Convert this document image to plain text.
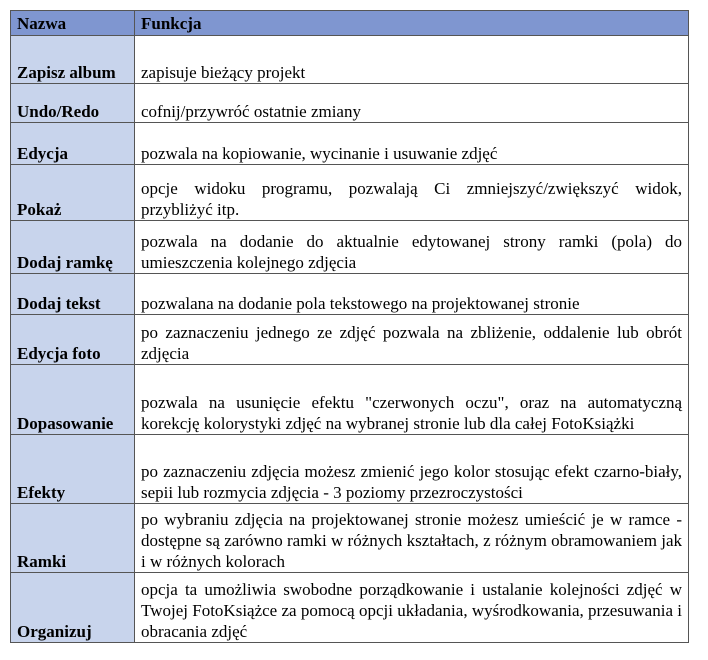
Nazwa	Funkcja
Zapisz album	zapisuje bieżący projekt
Undo/Redo	cofnij/przywróć ostatnie zmiany
Edycja	pozwala na kopiowanie, wycinanie i usuwanie zdjęć
Pokaż	opcje widoku programu, pozwalają Ci zmniejszyć/zwiększyć widok, przybliżyć itp.
Dodaj ramkę	pozwala na dodanie do aktualnie edytowanej strony ramki (pola) do umieszczenia kolejnego zdjęcia
Dodaj tekst	pozwalana na dodanie pola tekstowego na projektowanej stronie
Edycja foto	po zaznaczeniu jednego ze zdjęć pozwala na zbliżenie, oddalenie lub obrót zdjęcia
Dopasowanie	pozwala na usunięcie efektu "czerwonych oczu", oraz na automatyczną korekcję kolorystyki zdjęć na wybranej stronie lub dla całej FotoKsiążki
Efekty	po zaznaczeniu zdjęcia możesz zmienić jego kolor stosując efekt czarno-biały, sepii lub rozmycia zdjęcia - 3 poziomy przezroczystości
Ramki	po wybraniu zdjęcia na projektowanej stronie możesz umieścić je w ramce - dostępne są zarówno ramki w różnych kształtach, z różnym obramowaniem jak i w różnych kolorach
Organizuj	opcja ta umożliwia swobodne porządkowanie i ustalanie kolejności zdjęć w Twojej FotoKsiążce za pomocą opcji układania, wyśrodkowania, przesuwania i obracania zdjęć
